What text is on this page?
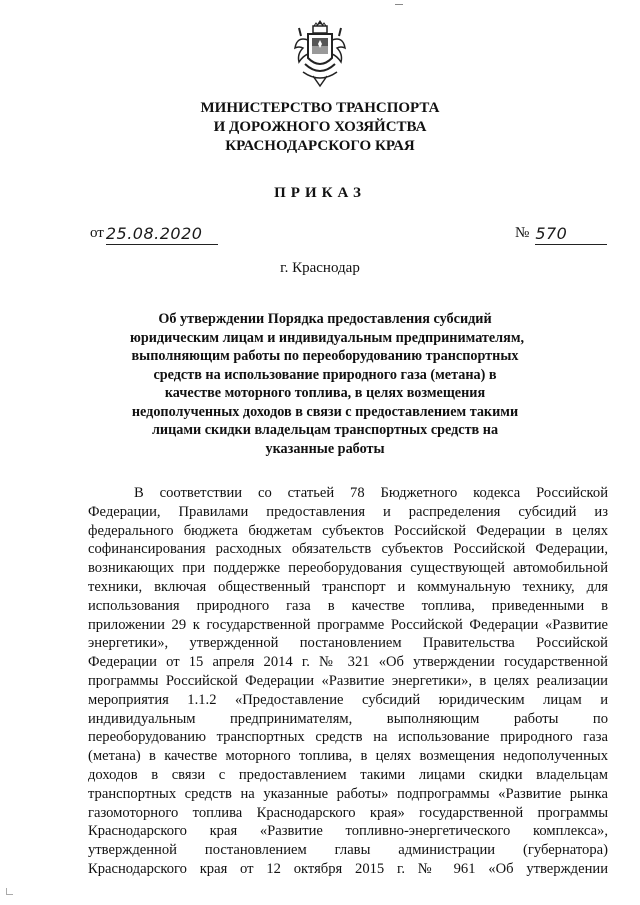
МИНИСТЕРСТВО ТРАНСПОРТА
И ДОРОЖНОГО ХОЗЯЙСТВА
КРАСНОДАРСКОГО КРАЯ
ПРИКАЗ
от 25.08.2020	№ 570
г. Краснодар
Об утверждении Порядка предоставления субсидий
юридическим лицам и индивидуальным предпринимателям,
выполняющим работы по переоборудованию транспортных
средств на использование природного газа (метана) в
качестве моторного топлива, в целях возмещения
недополученных доходов в связи с предоставлением такими
лицами скидки владельцам транспортных средств на
указанные работы
В соответствии со статьей 78 Бюджетного кодекса Российской
Федерации, Правилами предоставления и распределения субсидий из
федерального бюджета бюджетам субъектов Российской Федерации в целях
софинансирования расходных обязательств субъектов Российской Федерации,
возникающих при поддержке переоборудования существующей автомобильной
техники, включая общественный транспорт и коммунальную технику, для
использования природного газа в качестве топлива, приведенными в
приложении 29 к государственной программе Российской Федерации «Развитие
энергетики», утвержденной постановлением Правительства Российской
Федерации от 15 апреля 2014 г. № 321 «Об утверждении государственной
программы Российской Федерации «Развитие энергетики», в целях реализации
мероприятия 1.1.2 «Предоставление субсидий юридическим лицам и
индивидуальным предпринимателям, выполняющим работы по
переоборудованию транспортных средств на использование природного газа
(метана) в качестве моторного топлива, в целях возмещения недополученных
доходов в связи с предоставлением такими лицами скидки владельцам
транспортных средств на указанные работы» подпрограммы «Развитие рынка
газомоторного топлива Краснодарского края» государственной программы
Краснодарского края «Развитие топливно-энергетического комплекса»,
утвержденной постановлением главы администрации (губернатора)
Краснодарского края от 12 октября 2015 г. № 961 «Об утверждении
